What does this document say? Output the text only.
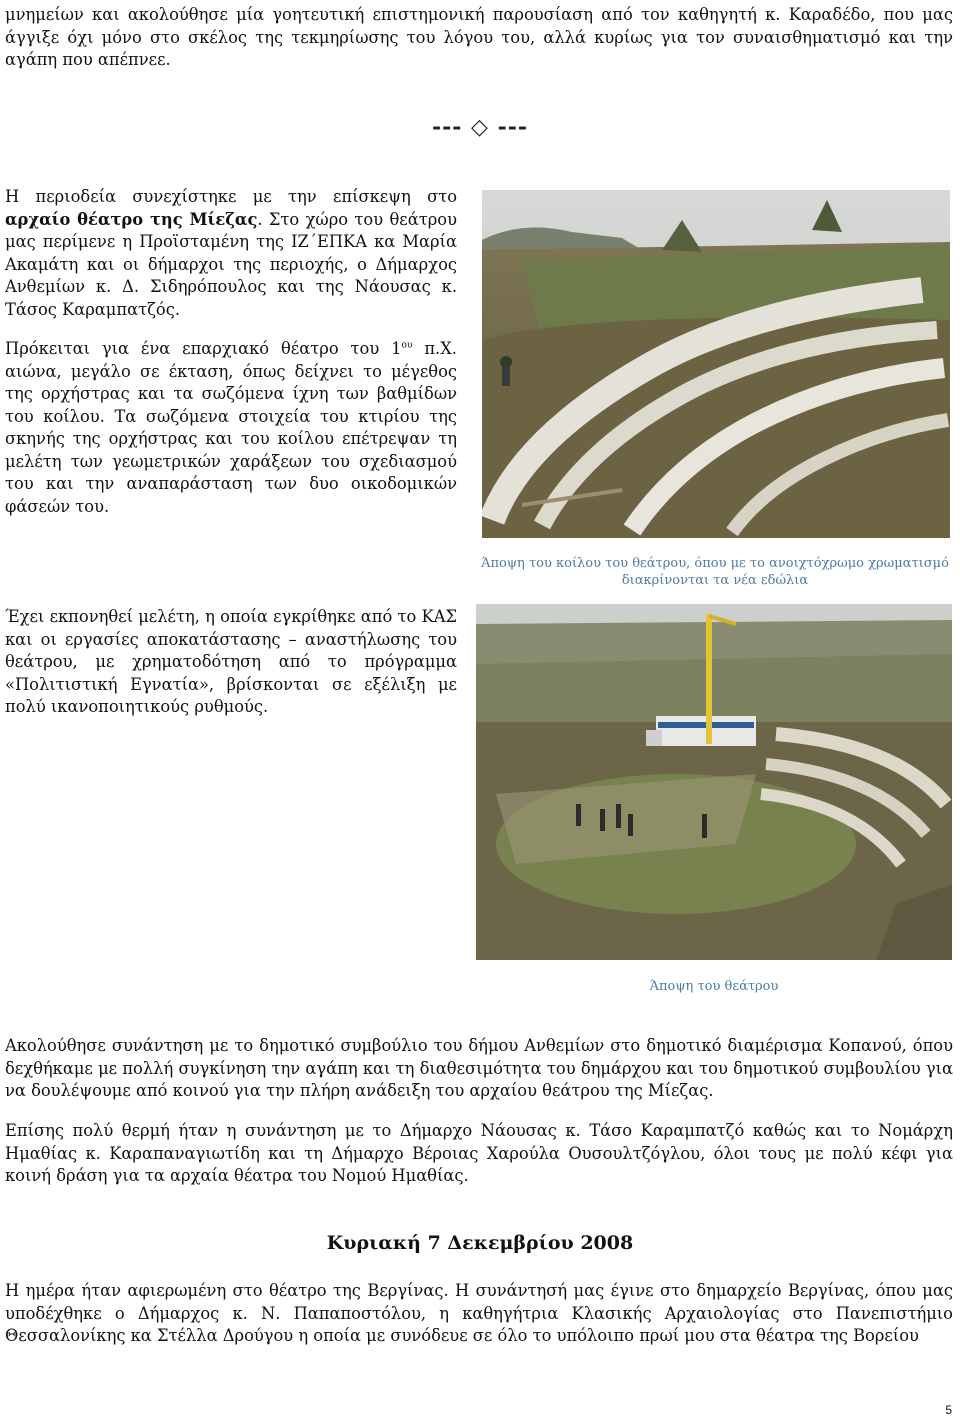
μνημείων και ακολούθησε μία γοητευτική επιστημονική παρουσίαση από τον καθηγητή κ. Καραδέδο, που μας άγγιξε όχι μόνο στο σκέλος της τεκμηρίωσης του λόγου του, αλλά κυρίως για τον συναισθηματισμό και την αγάπη που απέπνεε.

--- ◇ ---

Η περιοδεία συνεχίστηκε με την επίσκεψη στο αρχαίο θέατρο της Μίεζας. Στο χώρο του θεάτρου μας περίμενε η Προϊσταμένη της ΙΖ΄ΕΠΚΑ κα Μαρία Ακαμάτη και οι δήμαρχοι της περιοχής, ο Δήμαρχος Ανθεμίων κ. Δ. Σιδηρόπουλος και της Νάουσας κ. Τάσος Καραμπατζός.

Πρόκειται για ένα επαρχιακό θέατρο του $1^{o\upsilon}$ π.Χ. αιώνα, μεγάλο σε έκταση, όπως δείχνει το μέγεθος της ορχήστρας και τα σωζόμενα ίχνη των βαθμίδων του κοίλου. Τα σωζόμενα στοιχεία του κτιρίου της σκηνής της ορχήστρας και του κοίλου επέτρεψαν τη μελέτη των γεωμετρικών χαράξεων του σχεδιασμού του και την αναπαράσταση των δυο οικοδομικών φάσεών του.

Άποψη του κοίλου του θεάτρου, όπου με το ανοιχτόχρωμο χρωματισμό διακρίνονται τα νέα εδώλια

Έχει εκπονηθεί μελέτη, η οποία εγκρίθηκε από το ΚΑΣ και οι εργασίες αποκατάστασης – αναστήλωσης του θεάτρου, με χρηματοδότηση από το πρόγραμμα «Πολιτιστική Εγνατία», βρίσκονται σε εξέλιξη με πολύ ικανοποιητικούς ρυθμούς.

Άποψη του θεάτρου

Ακολούθησε συνάντηση με το δημοτικό συμβούλιο του δήμου Ανθεμίων στο δημοτικό διαμέρισμα Κοπανού, όπου δεχθήκαμε με πολλή συγκίνηση την αγάπη και τη διαθεσιμότητα του δημάρχου και του δημοτικού συμβουλίου για να δουλέψουμε από κοινού για την πλήρη ανάδειξη του αρχαίου θεάτρου της Μίεζας.

Επίσης πολύ θερμή ήταν η συνάντηση με το Δήμαρχο Νάουσας κ. Τάσο Καραμπατζό καθώς και το Νομάρχη Ημαθίας κ. Καραπαναγιωτίδη και τη Δήμαρχο Βέροιας Χαρούλα Ουσουλτζόγλου, όλοι τους με πολύ κέφι για κοινή δράση για τα αρχαία θέατρα του Νομού Ημαθίας.

Κυριακή 7 Δεκεμβρίου 2008

Η ημέρα ήταν αφιερωμένη στο θέατρο της Βεργίνας. Η συνάντησή μας έγινε στο δημαρχείο Βεργίνας, όπου μας υποδέχθηκε ο Δήμαρχος κ. Ν. Παπαποστόλου, η καθηγήτρια Κλασικής Αρχαιολογίας στο Πανεπιστήμιο Θεσσαλονίκης κα Στέλλα Δρούγου η οποία με συνόδευε σε όλο το υπόλοιπο πρωί μου στα θέατρα της Βορείου

5
